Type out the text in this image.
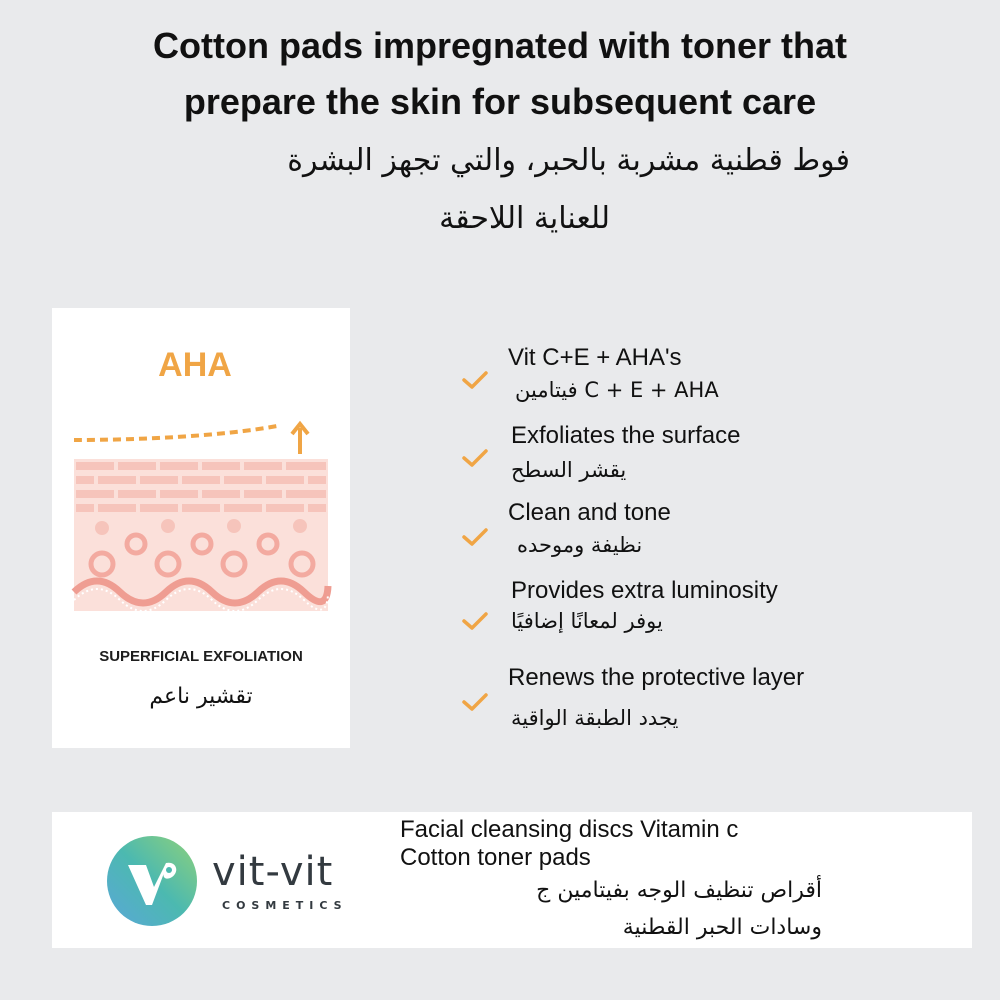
Cotton pads impregnated with toner that
prepare the skin for subsequent care
فوط قطنية مشربة بالحبر، والتي تجهز البشرة
للعناية اللاحقة
AHA
SUPERFICIAL EXFOLIATION
تقشير ناعم
Vit C+E + AHA's
C + E + AHA فيتامين
Exfoliates the surface
يقشر السطح
Clean and tone
نظيفة وموحده
Provides extra luminosity
يوفر لمعانًا إضافيًا
Renews the protective layer
يجدد الطبقة الواقية
vit-vit
COSMETICS
Facial cleansing discs Vitamin c
Cotton toner pads
أقراص تنظيف الوجه بفيتامين ج
وسادات الحبر القطنية
